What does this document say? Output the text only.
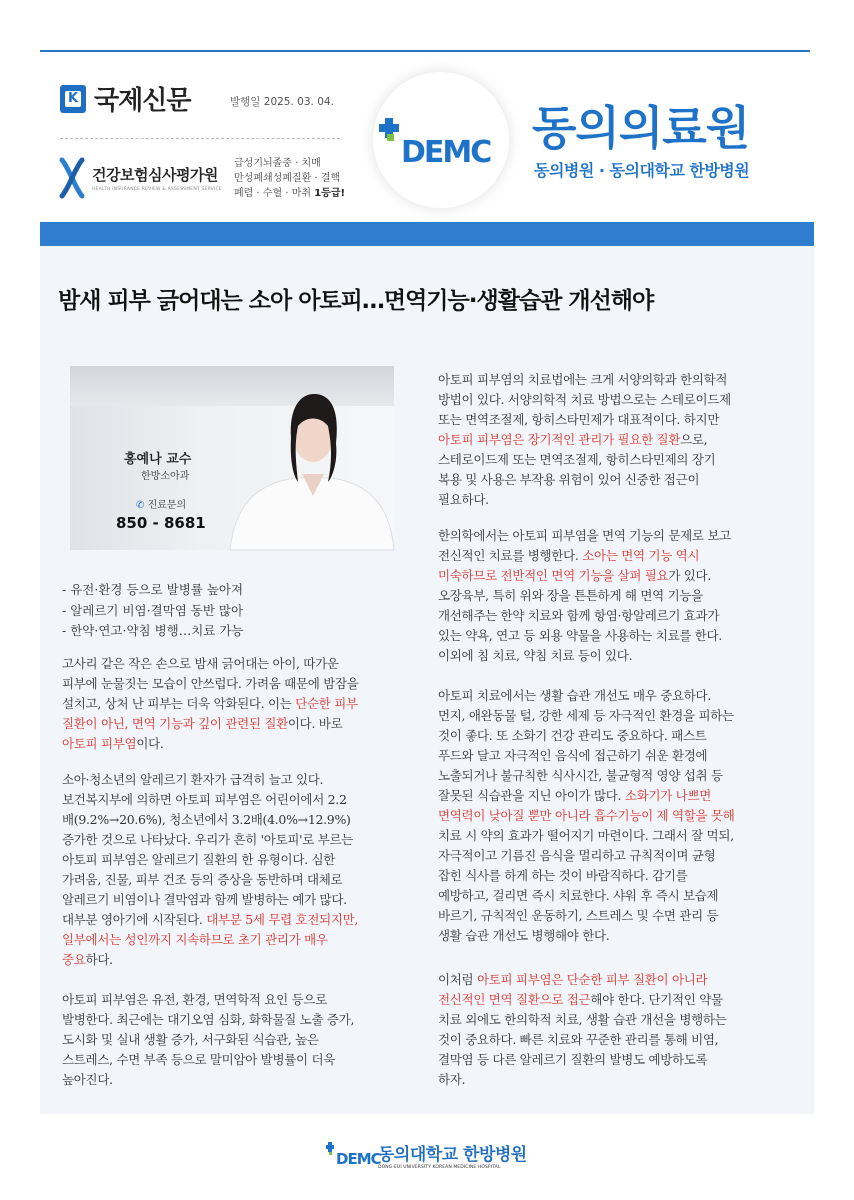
K 국제신문	발행일 2025. 03. 04.
건강보험심사평가원
HEALTH INSURANCE REVIEW & ASSESSMENT SERVICE
급성기뇌졸중 · 치매
만성폐쇄성폐질환 · 결핵
폐렴 · 수혈 · 마취 1등급!
DEMC 동의의료원
동의병원 · 동의대학교 한방병원
밤새 피부 긁어대는 소아 아토피…면역기능·생활습관 개선해야
홍예나 교수
한방소아과
✆ 진료문의
850 - 8681
- 유전·환경 등으로 발병률 높아져
- 알레르기 비염·결막염 동반 많아
- 한약·연고·약침 병행…치료 가능
고사리 같은 작은 손으로 밤새 긁어대는 아이, 따가운
피부에 눈물짓는 모습이 안쓰럽다. 가려움 때문에 밤잠을
설치고, 상처 난 피부는 더욱 악화된다. 이는 단순한 피부
질환이 아닌, 면역 기능과 깊이 관련된 질환이다. 바로
아토피 피부염이다.
소아·청소년의 알레르기 환자가 급격히 늘고 있다.
보건복지부에 의하면 아토피 피부염은 어린이에서 2.2
배(9.2%→20.6%), 청소년에서 3.2배(4.0%→12.9%)
증가한 것으로 나타났다. 우리가 흔히 '아토피'로 부르는
아토피 피부염은 알레르기 질환의 한 유형이다. 심한
가려움, 진물, 피부 건조 등의 증상을 동반하며 대체로
알레르기 비염이나 결막염과 함께 발병하는 예가 많다.
대부분 영아기에 시작된다. 대부분 5세 무렵 호전되지만,
일부에서는 성인까지 지속하므로 초기 관리가 매우
중요하다.
아토피 피부염은 유전, 환경, 면역학적 요인 등으로
발병한다. 최근에는 대기오염 심화, 화학물질 노출 증가,
도시화 및 실내 생활 증가, 서구화된 식습관, 높은
스트레스, 수면 부족 등으로 말미암아 발병률이 더욱
높아진다.
아토피 피부염의 치료법에는 크게 서양의학과 한의학적
방법이 있다. 서양의학적 치료 방법으로는 스테로이드제
또는 면역조절제, 항히스타민제가 대표적이다. 하지만
아토피 피부염은 장기적인 관리가 필요한 질환으로,
스테로이드제 또는 면역조절제, 항히스타민제의 장기
복용 및 사용은 부작용 위험이 있어 신중한 접근이
필요하다.
한의학에서는 아토피 피부염을 면역 기능의 문제로 보고
전신적인 치료를 병행한다. 소아는 면역 기능 역시
미숙하므로 전반적인 면역 기능을 살펴 필요가 있다.
오장육부, 특히 위와 장을 튼튼하게 해 면역 기능을
개선해주는 한약 치료와 함께 항염·항알레르기 효과가
있는 약욕, 연고 등 외용 약물을 사용하는 치료를 한다.
이외에 침 치료, 약침 치료 등이 있다.
아토피 치료에서는 생활 습관 개선도 매우 중요하다.
먼지, 애완동물 털, 강한 세제 등 자극적인 환경을 피하는
것이 좋다. 또 소화기 건강 관리도 중요하다. 패스트
푸드와 달고 자극적인 음식에 접근하기 쉬운 환경에
노출되거나 불규칙한 식사시간, 불균형적 영양 섭취 등
잘못된 식습관을 지닌 아이가 많다. 소화기가 나쁘면
면역력이 낮아질 뿐만 아니라 흡수기능이 제 역할을 못해
치료 시 약의 효과가 떨어지기 마련이다. 그래서 잘 먹되,
자극적이고 기름진 음식을 멀리하고 규칙적이며 균형
잡힌 식사를 하게 하는 것이 바람직하다. 감기를
예방하고, 걸리면 즉시 치료한다. 샤워 후 즉시 보습제
바르기, 규칙적인 운동하기, 스트레스 및 수면 관리 등
생활 습관 개선도 병행해야 한다.
이처럼 아토피 피부염은 단순한 피부 질환이 아니라
전신적인 면역 질환으로 접근해야 한다. 단기적인 약물
치료 외에도 한의학적 치료, 생활 습관 개선을 병행하는
것이 중요하다. 빠른 치료와 꾸준한 관리를 통해 비염,
결막염 등 다른 알레르기 질환의 발병도 예방하도록
하자.
DEMC
동의대학교 한방병원
DONG-EUI UNIVERSITY KOREAN MEDICINE HOSPITAL
